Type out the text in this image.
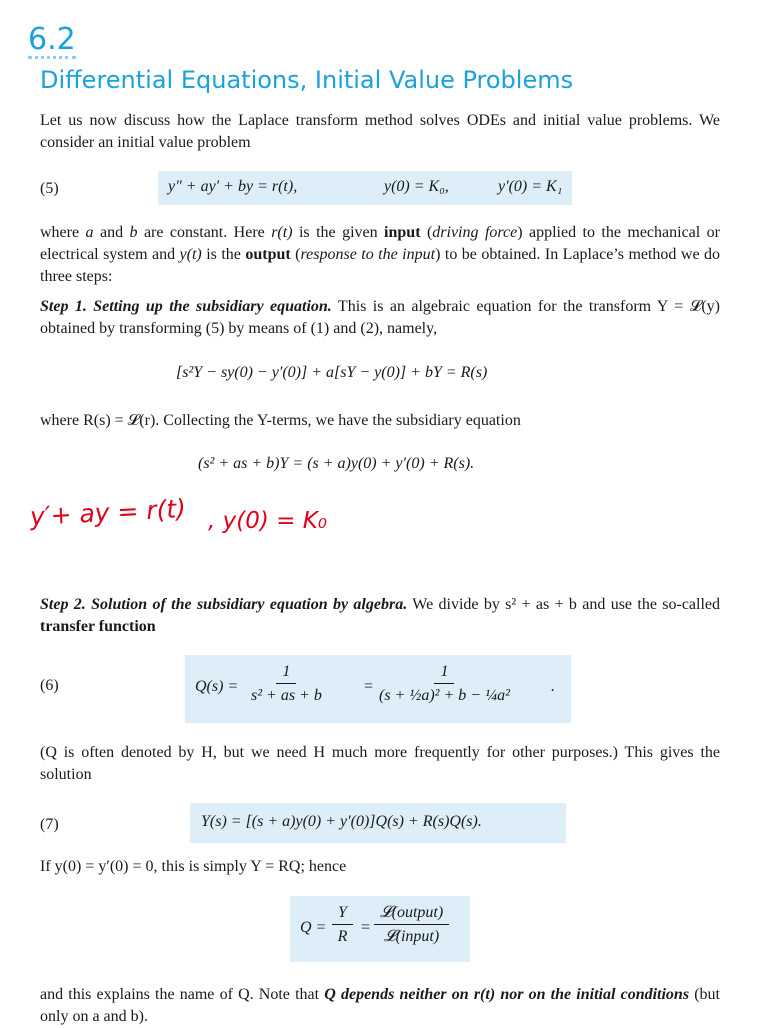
6.2
Differential Equations, Initial Value Problems
Let us now discuss how the Laplace transform method solves ODEs and initial value problems. We consider an initial value problem
(5)	y″ + ay′ + by = r(t),	y(0) = K₀,	y′(0) = K₁
where a and b are constant. Here r(t) is the given input (driving force) applied to the mechanical or electrical system and y(t) is the output (response to the input) to be obtained. In Laplace’s method we do three steps:
Step 1. Setting up the subsidiary equation. This is an algebraic equation for the transform Y = 𝓛(y) obtained by transforming (5) by means of (1) and (2), namely,
[s²Y − sy(0) − y′(0)] + a[sY − y(0)] + bY = R(s)
where R(s) = 𝓛(r). Collecting the Y-terms, we have the subsidiary equation
(s² + as + b)Y = (s + a)y(0) + y′(0) + R(s).
y′+ ay = r(t) , y(0) = K₀
Step 2. Solution of the subsidiary equation by algebra. We divide by s² + as + b and use the so-called transfer function
(6)	$Q(s) = \frac{1}{\text{s² + as + b}}$	= $\frac{1}{\text{(s + ½a)² + b − ¼a²}}$	.
(Q is often denoted by H, but we need H much more frequently for other purposes.) This gives the solution
(7)	Y(s) = [(s + a)y(0) + y′(0)]Q(s) + R(s)Q(s).
If y(0) = y′(0) = 0, this is simply Y = RQ; hence
$Q = \frac{Y}{R}$ =
𝓛(output)
𝓛(input)
and this explains the name of Q. Note that Q depends neither on r(t) nor on the initial conditions (but only on a and b).
